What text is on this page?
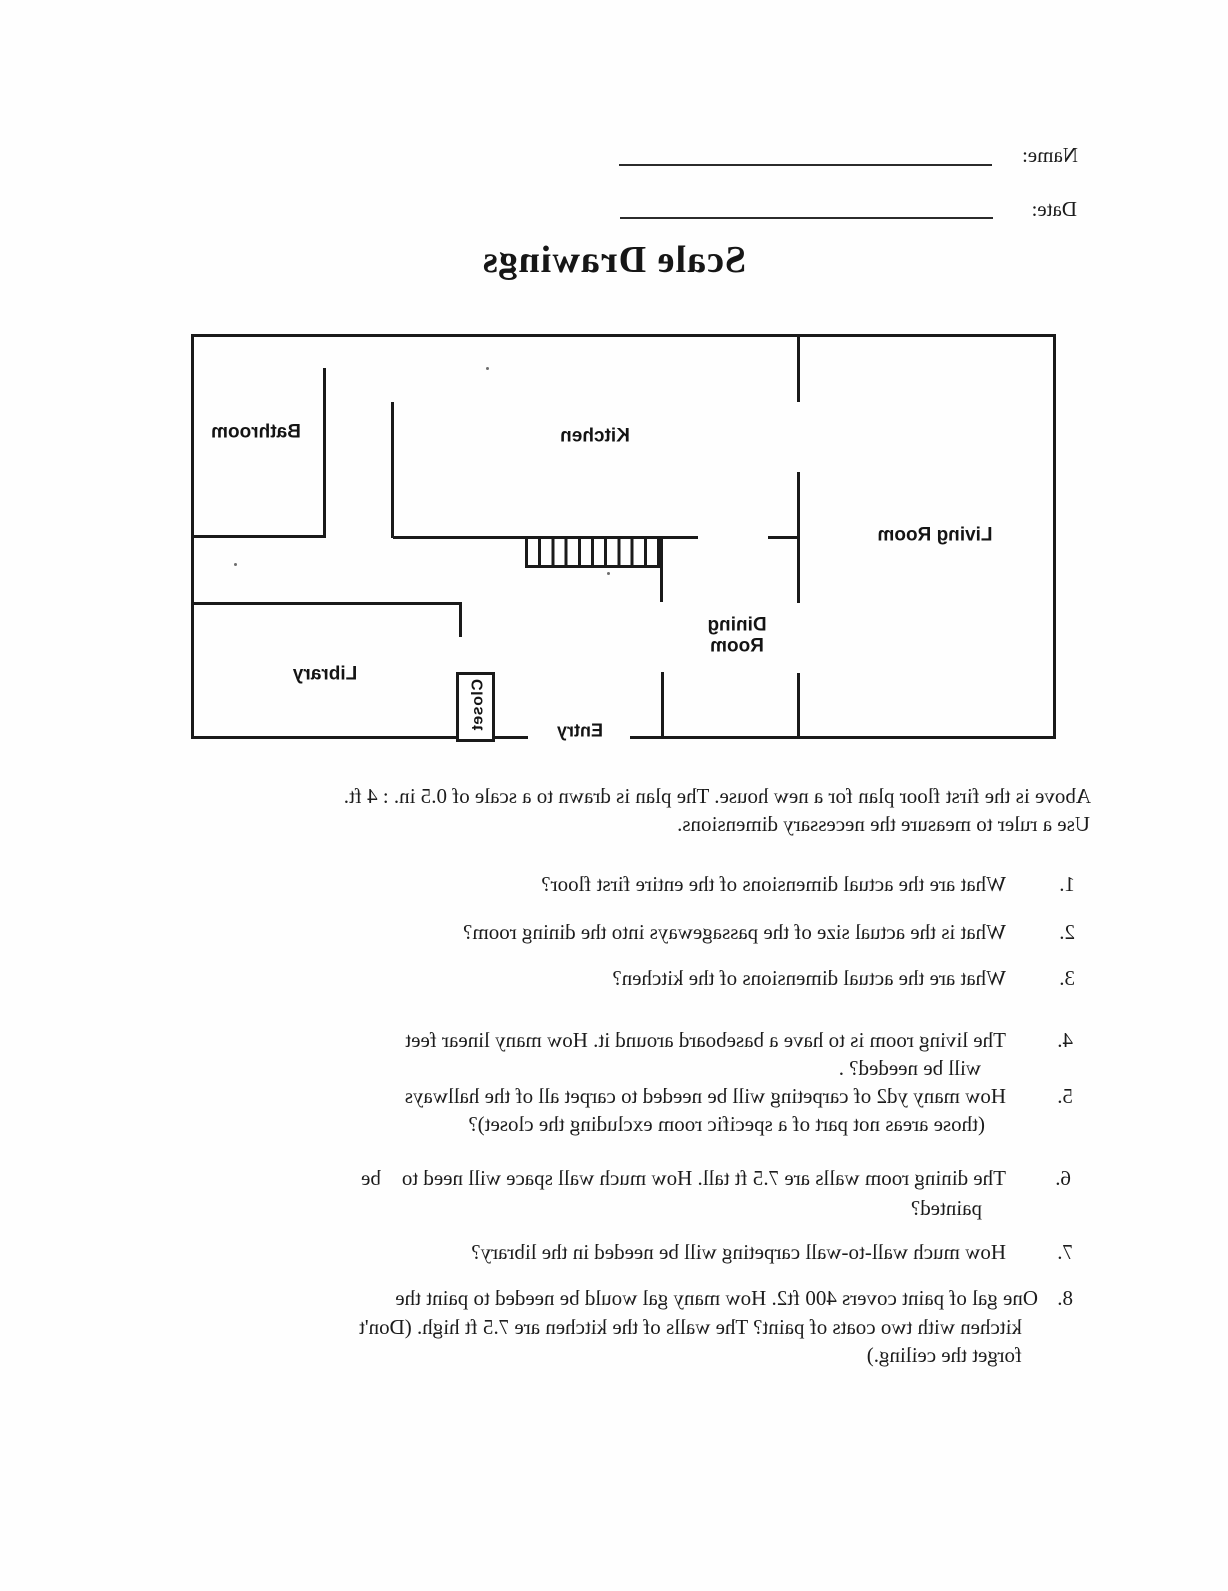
Name:
Date:
Scale Drawings
Bathroom	Kitchen
Living Room
Dining Room
Library
Closet	Entry
Above is the first floor plan for a new house. The plan is drawn to a scale of 0.5 in. : 4 ft.
Use a ruler to measure the necessary dimensions.
1.
What are the actual dimensions of the entire first floor?
2.
What is the actual size of the passageways into the dining room?
3.
What are the actual dimensions of the kitchen?
4.
The living room is to have a baseboard around it. How many linear feet
will be needed? .
5.
How many yd2 of carpeting will be needed to carpet all of the hallways
(those areas not part of a specific room excluding the closet)?
6.
The dining room walls are 7.5 ft tall. How much wall space will need to    be
painted?
7.
How much wall-to-wall carpeting will be needed in the library?
8.
One gal of paint covers 400 ft2. How many gal would be needed to paint the
kitchen with two coats of paint? The walls of the kitchen are 7.5 ft high. (Don't
forget the ceiling.)
